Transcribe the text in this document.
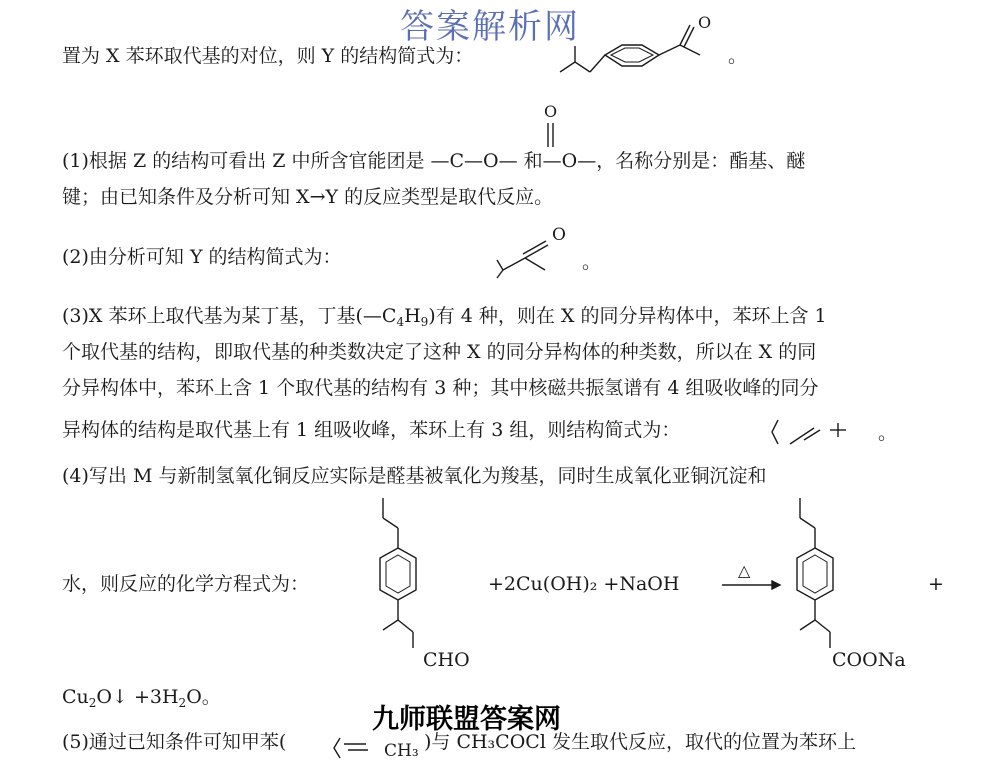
答案解析网
置为 X 苯环取代基的对位，则 Y 的结构简式为：
O
。
O
(1)根据 Z 的结构可看出 Z 中所含官能团是 —C—O— 和—O—，名称分别是：酯基、醚
键；由已知条件及分析可知 X→Y 的反应类型是取代反应。
(2)由分析可知 Y 的结构简式为：
O
。
(3)X 苯环上取代基为某丁基，丁基$(—C_4H_9)$有 4 种，则在 X 的同分异构体中，苯环上含 1
个取代基的结构，即取代基的种类数决定了这种 X 的同分异构体的种类数，所以在 X 的同
分异构体中，苯环上含 1 个取代基的结构有 3 种；其中核磁共振氢谱有 4 组吸收峰的同分
异构体的结构是取代基上有 1 组吸收峰，苯环上有 3 组，则结构简式为：	。
(4)写出 M 与新制氢氧化铜反应实际是醛基被氧化为羧基，同时生成氧化亚铜沉淀和
水，则反应的化学方程式为：
CHO
+2Cu(OH)₂ +NaOH
△
COONa
+
$Cu_2O↓ +3H_2O$。
(5)通过已知条件可知甲苯(	CH₃ )与 CH₃COCl 发生取代反应，取代的位置为苯环上
九师联盟答案网
